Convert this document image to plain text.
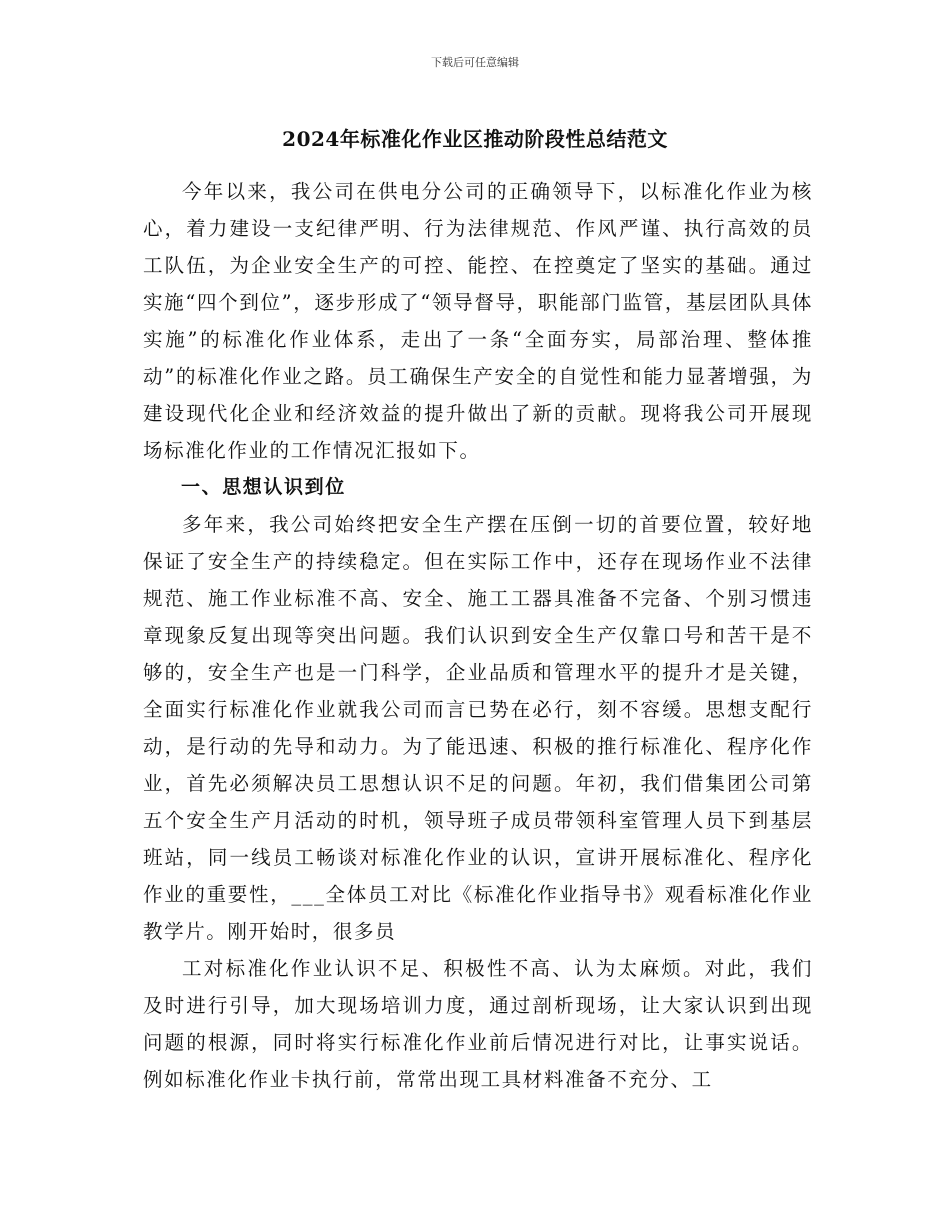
下载后可任意编辑
2024年标准化作业区推动阶段性总结范文

今年以来，我公司在供电分公司的正确领导下，以标准化作业为核心，着力建设一支纪律严明、行为法律规范、作风严谨、执行高效的员工队伍，为企业安全生产的可控、能控、在控奠定了坚实的基础。通过实施“四个到位”，逐步形成了“领导督导，职能部门监管，基层团队具体实施”的标准化作业体系，走出了一条“全面夯实，局部治理、整体推动”的标准化作业之路。员工确保生产安全的自觉性和能力显著增强，为建设现代化企业和经济效益的提升做出了新的贡献。现将我公司开展现场标准化作业的工作情况汇报如下。

一、思想认识到位

多年来，我公司始终把安全生产摆在压倒一切的首要位置，较好地保证了安全生产的持续稳定。但在实际工作中，还存在现场作业不法律规范、施工作业标准不高、安全、施工工器具准备不完备、个别习惯违章现象反复出现等突出问题。我们认识到安全生产仅靠口号和苦干是不够的，安全生产也是一门科学，企业品质和管理水平的提升才是关键，全面实行标准化作业就我公司而言已势在必行，刻不容缓。思想支配行动，是行动的先导和动力。为了能迅速、积极的推行标准化、程序化作业，首先必须解决员工思想认识不足的问题。年初，我们借集团公司第五个安全生产月活动的时机，领导班子成员带领科室管理人员下到基层班站，同一线员工畅谈对标准化作业的认识，宣讲开展标准化、程序化作业的重要性，___全体员工对比《标准化作业指导书》观看标准化作业教学片。刚开始时，很多员

工对标准化作业认识不足、积极性不高、认为太麻烦。对此，我们及时进行引导，加大现场培训力度，通过剖析现场，让大家认识到出现问题的根源，同时将实行标准化作业前后情况进行对比，让事实说话。例如标准化作业卡执行前，常常出现工具材料准备不充分、工
